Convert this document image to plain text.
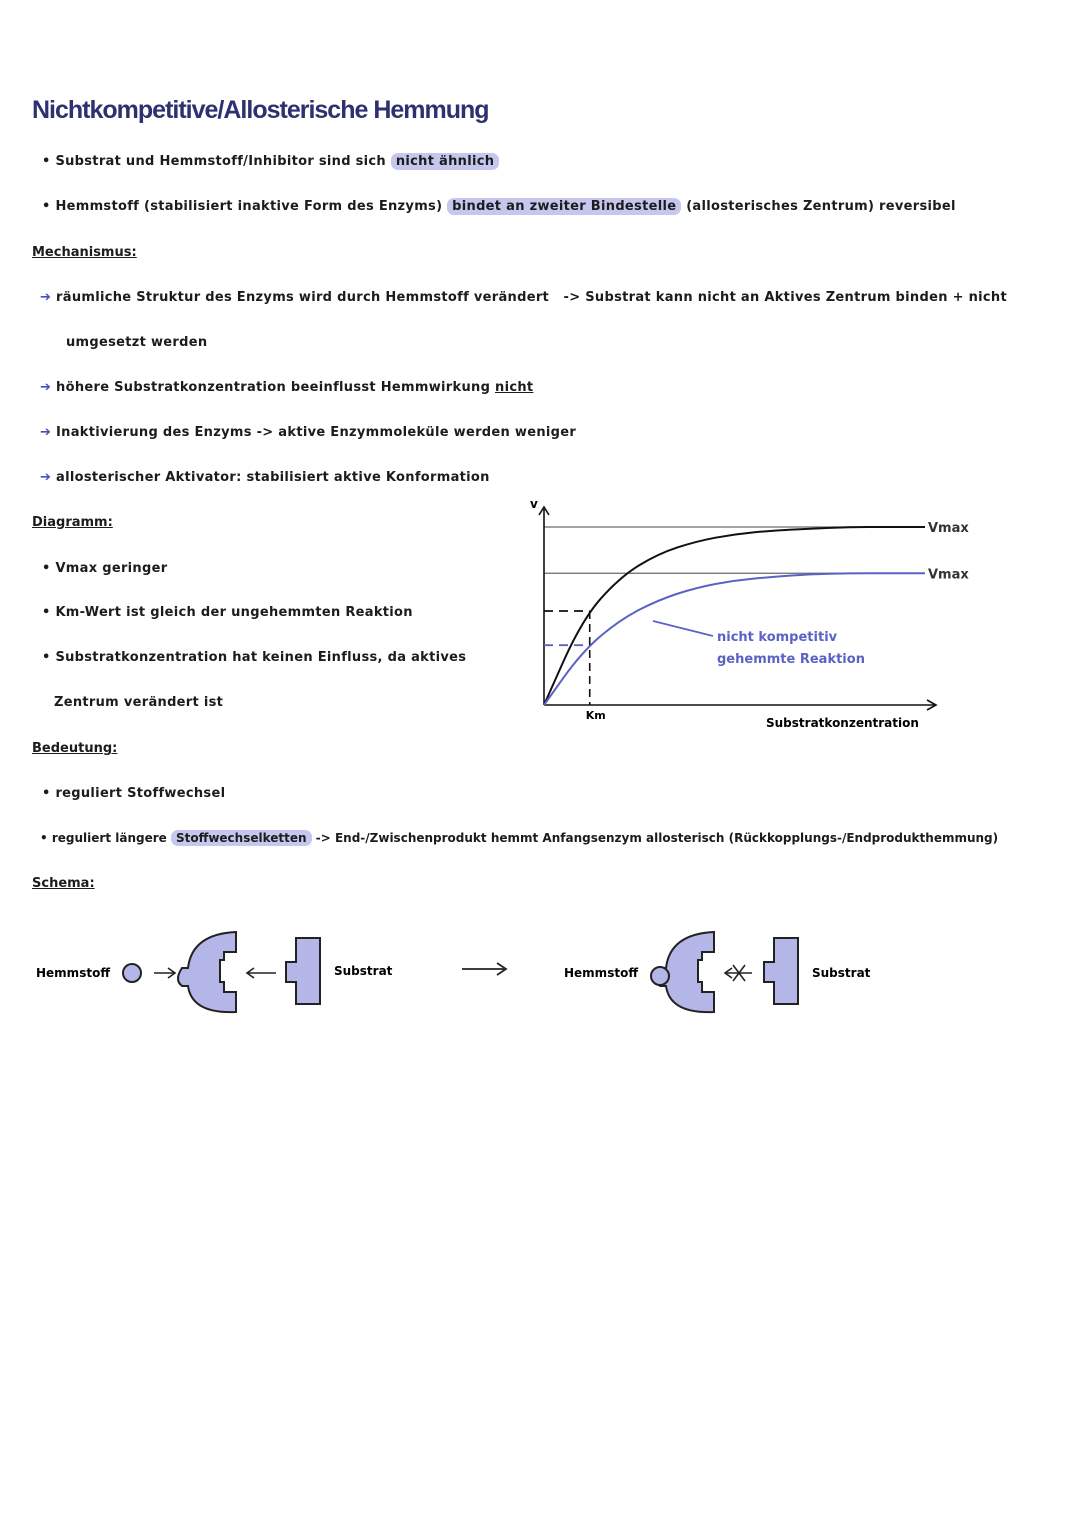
Nichtkompetitive/Allosterische Hemmung
• Substrat und Hemmstoff/Inhibitor sind sich nicht ähnlich
• Hemmstoff (stabilisiert inaktive Form des Enzyms) bindet an zweiter Bindestelle (allosterisches Zentrum) reversibel
Mechanismus:
➔ räumliche Struktur des Enzyms wird durch Hemmstoff verändert -> Substrat kann nicht an Aktives Zentrum binden + nicht
umgesetzt werden
➔ höhere Substratkonzentration beeinflusst Hemmwirkung nicht
➔ Inaktivierung des Enzyms -> aktive Enzymmoleküle werden weniger
➔ allosterischer Aktivator: stabilisiert aktive Konformation
Diagramm:
• Vmax geringer
• Km-Wert ist gleich der ungehemmten Reaktion
• Substratkonzentration hat keinen Einfluss, da aktives
Zentrum verändert ist
Vmax
Vmax
v
Substratkonzentration
Km
nicht kompetitiv
gehemmte Reaktion
Bedeutung:
• reguliert Stoffwechsel
• reguliert längere Stoffwechselketten -> End-/Zwischenprodukt hemmt Anfangsenzym allosterisch (Rückkopplungs-/Endprodukthemmung)
Schema:
Hemmstoff	Substrat	Hemmstoff	Substrat
